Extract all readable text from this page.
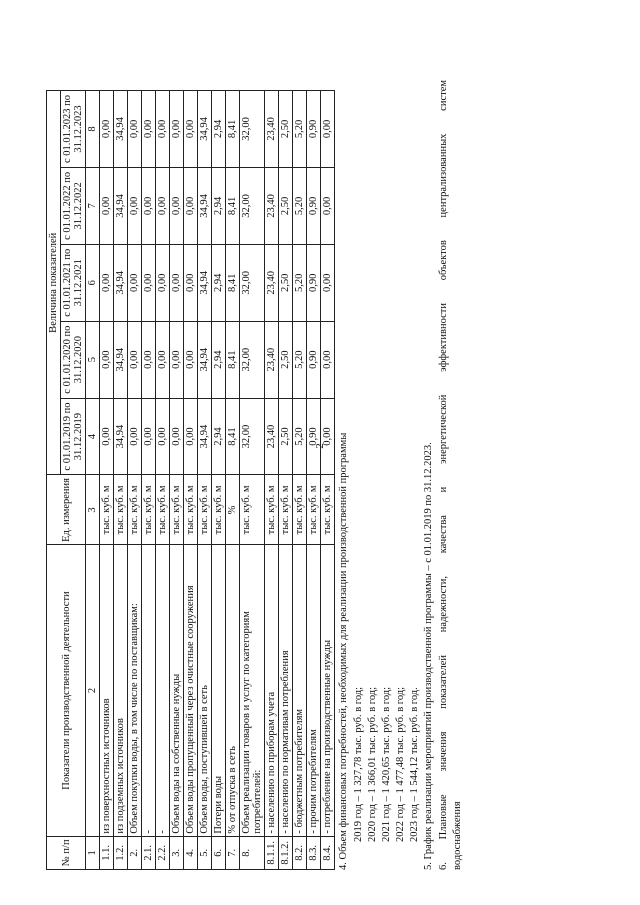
2
№ п/п	Показатели производственной деятельности	Ед. измерения	Величина показателей				
			с 01.01.2019 по 31.12.2019	с 01.01.2020 по 31.12.2020	с 01.01.2021 по 31.12.2021	с 01.01.2022 по 31.12.2022	с 01.01.2023 по 31.12.2023
1	2	3	4	5	6	7	8
1.1.	из поверхностных источников	тыс. куб. м	0,00	0,00	0,00	0,00	0,00
1.2.	из подземных источников	тыс. куб. м	34,94	34,94	34,94	34,94	34,94
2.	Объем покупки воды, в том числе по поставщикам:	тыс. куб. м	0,00	0,00	0,00	0,00	0,00
2.1.	-	тыс. куб. м	0,00	0,00	0,00	0,00	0,00
2.2.	-	тыс. куб. м	0,00	0,00	0,00	0,00	0,00
3.	Объем воды на собственные нужды	тыс. куб. м	0,00	0,00	0,00	0,00	0,00
4.	Объем воды пропущенный через очистные сооружения	тыс. куб. м	0,00	0,00	0,00	0,00	0,00
5.	Объем воды, поступившей в сеть	тыс. куб. м	34,94	34,94	34,94	34,94	34,94
6.	Потери воды	тыс. куб. м	2,94	2,94	2,94	2,94	2,94
7.	% от отпуска в сеть	%	8,41	8,41	8,41	8,41	8,41
8.	Объем реализации товаров и услуг по категориям потребителей:	тыс. куб. м	32,00	32,00	32,00	32,00	32,00
8.1.1.	- населению по приборам учета	тыс. куб. м	23,40	23,40	23,40	23,40	23,40
8.1.2.	- населению по нормативам потребления	тыс. куб. м	2,50	2,50	2,50	2,50	2,50
8.2.	- бюджетным потребителям	тыс. куб. м	5,20	5,20	5,20	5,20	5,20
8.3.	- прочим потребителям	тыс. куб. м	0,90	0,90	0,90	0,90	0,90
8.4.	- потребление на производственные нужды	тыс. куб. м	0,00	0,00	0,00	0,00	0,00

4. Объем финансовых потребностей, необходимых для реализации производственной программы 2019 год – 1 327,78 тыс. руб. в год; 2020 год – 1 366,01 тыс. руб. в год; 2021 год – 1 420,65 тыс. руб. в год; 2022 год – 1 477,48 тыс. руб. в год; 2023 год – 1 544,12 тыс. руб. в год. 5. График реализации мероприятий производственной программы – с 01.01.2019 по 31.12.2023. 6. Плановые значения показателей надежности, качества и энергетической эффективности объектов централизованных систем водоснабжения
